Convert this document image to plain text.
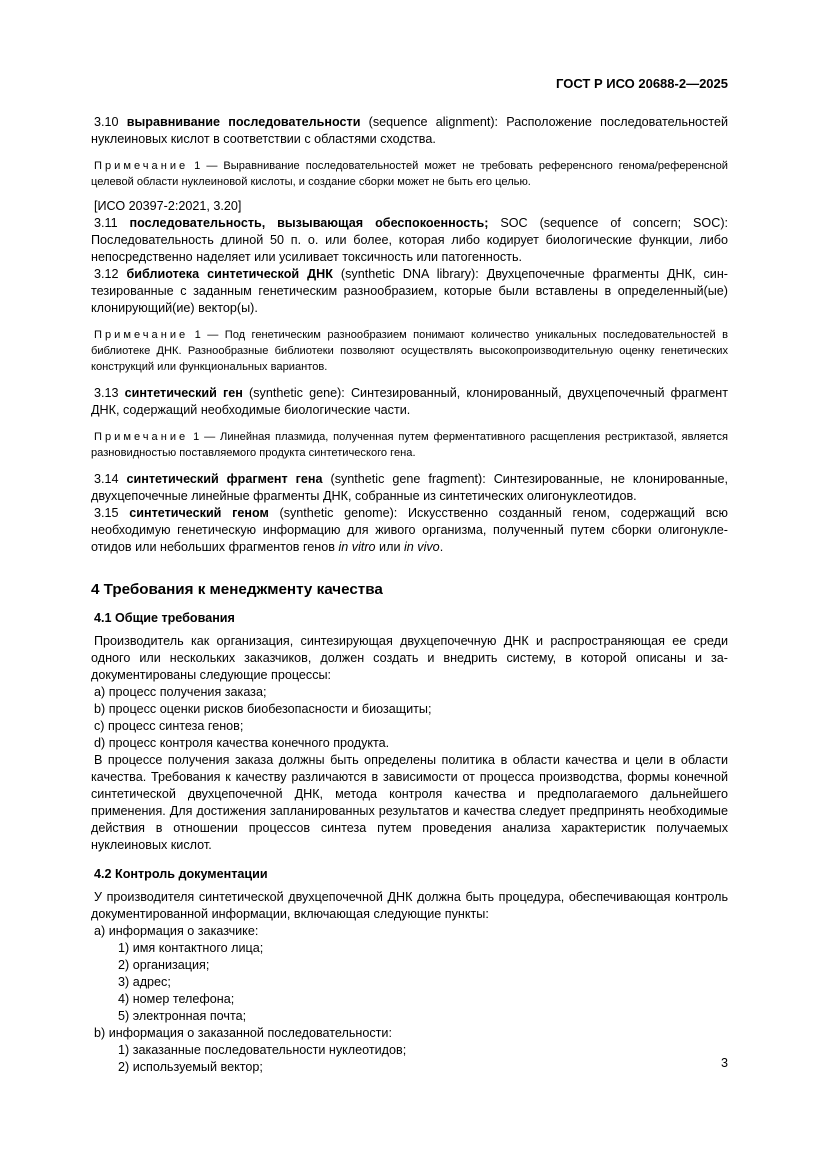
ГОСТ Р ИСО 20688-2—2025

3.10 выравнивание последовательности (sequence alignment): Расположение последовательностей нуклеиновых кислот в соответствии с областями сходства.

Примечание 1 — Выравнивание последовательностей может не требовать референсного генома/референсной целевой области нуклеиновой кислоты, и создание сборки может не быть его целью.

[ИСО 20397-2:2021, 3.20]

3.11 последовательность, вызывающая обеспокоенность; SOC (sequence of concern; SOC): Последовательность длиной 50 п. о. или более, которая либо кодирует биологические функции, либо непосредственно наделяет или усиливает токсичность или патогенность.

3.12 библиотека синтетической ДНК (synthetic DNA library): Двухцепочечные фрагменты ДНК, синтезированные с заданным генетическим разнообразием, которые были вставлены в определенный(ые) клонирующий(ие) вектор(ы).

Примечание 1 — Под генетическим разнообразием понимают количество уникальных последовательностей в библиотеке ДНК. Разнообразные библиотеки позволяют осуществлять высокопроизводительную оценку генетических конструкций или функциональных вариантов.

3.13 синтетический ген (synthetic gene): Синтезированный, клонированный, двухцепочечный фрагмент ДНК, содержащий необходимые биологические части.

Примечание 1 — Линейная плазмида, полученная путем ферментативного расщепления рестриктазой, является разновидностью поставляемого продукта синтетического гена.

3.14 синтетический фрагмент гена (synthetic gene fragment): Синтезированные, не клонированные, двухцепочечные линейные фрагменты ДНК, собранные из синтетических олигонуклеотидов.

3.15 синтетический геном (synthetic genome): Искусственно созданный геном, содержащий всю необходимую генетическую информацию для живого организма, полученный путем сборки олигонуклеотидов или небольших фрагментов генов in vitro или in vivo.

4 Требования к менеджменту качества
4.1 Общие требования

Производитель как организация, синтезирующая двухцепочечную ДНК и распространяющая ее среди одного или нескольких заказчиков, должен создать и внедрить систему, в которой описаны и задокументированы следующие процессы:

a) процесс получения заказа;

b) процесс оценки рисков биобезопасности и биозащиты;

c) процесс синтеза генов;

d) процесс контроля качества конечного продукта.

В процессе получения заказа должны быть определены политика в области качества и цели в области качества. Требования к качеству различаются в зависимости от процесса производства, формы конечной синтетической двухцепочечной ДНК, метода контроля качества и предполагаемого дальнейшего применения. Для достижения запланированных результатов и качества следует предпринять необходимые действия в отношении процессов синтеза путем проведения анализа характеристик получаемых нуклеиновых кислот.

4.2 Контроль документации

У производителя синтетической двухцепочечной ДНК должна быть процедура, обеспечивающая контроль документированной информации, включающая следующие пункты:

a) информация о заказчике:

1) имя контактного лица;

2) организация;

3) адрес;

4) номер телефона;

5) электронная почта;

b) информация о заказанной последовательности:

1) заказанные последовательности нуклеотидов;

2) используемый вектор;	3
